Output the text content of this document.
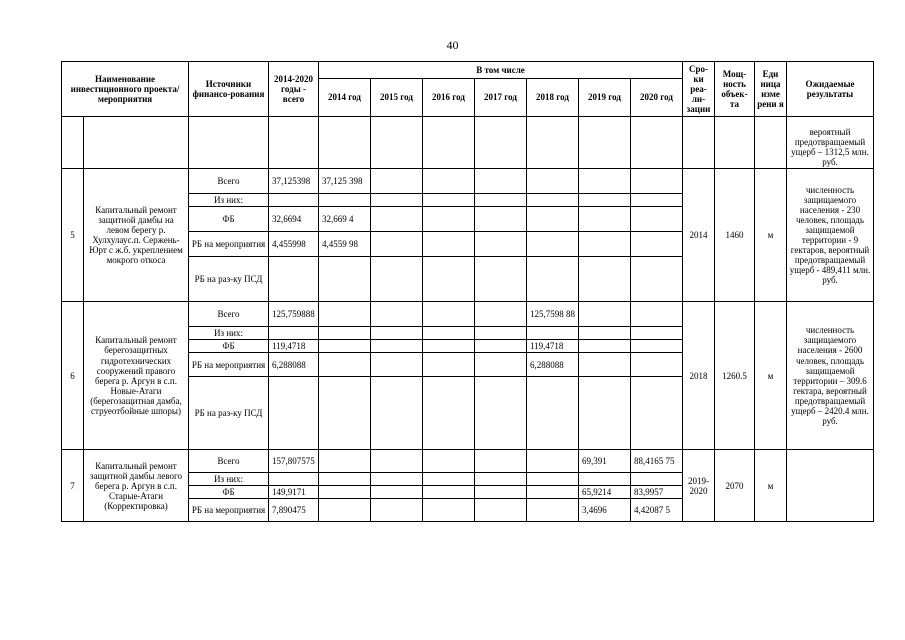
40
Наименование инвестиционного проекта/мероприятия		Источники финансо-рования	2014-2020 годы - всего	В том числе							Сро-ки реа-ли-зации	Мощ-ность объек-та	Еди ница изме рени я	Ожидаемые результаты
				2014 год	2015 год	2016 год	2017 год	2018 год	2019 год	2020 год				
														вероятный предотвращаемый ущерб – 1312,5 млн. руб.
5	Капитальный ремонт защитной дамбы на левом берегу р. Хулхулаус.п. Сержень-Юрт с ж.б. укреплением мокрого откоса	Всего	37,125398	37,125 398							2014	1460	м	численность защищаемого населения - 230 человек, площадь защищаемой территории - 9 гектаров, вероятный предотвращаемый ущерб - 489,411 млн. руб.
		Из них:												
		ФБ	32,6694	32,669 4										
		РБ на мероприятия	4,455998	4,4559 98										
		РБ на раз-ку ПСД												
6	Капитальный ремонт берегозащитных гидротехнических сооружений правого берега р. Аргун в с.п. Новые-Атаги (берегозащитная дамба, струеотбойные шпоры)	Всего	125,759888					125,7598 88			2018	1260.5	м	численность защищаемого населения - 2600 человек, площадь защищаемой территории – 309.6 гектара, вероятный предотвращаемый ущерб – 2420.4 млн. руб.
		Из них:												
		ФБ	119,4718					119,4718						
		РБ на мероприятия	6,288088					6,288088						
		РБ на раз-ку ПСД												
7	Капитальный ремонт защитной дамбы левого берега р. Аргун в с.п. Старые-Атаги (Корректировка)	Всего	157,807575						69,391	88,4165 75	2019-2020	2070	м	
		Из них:												
		ФБ	149,9171						65,9214	83,9957				
		РБ на мероприятия	7,890475						3,4696	4,42087 5				
